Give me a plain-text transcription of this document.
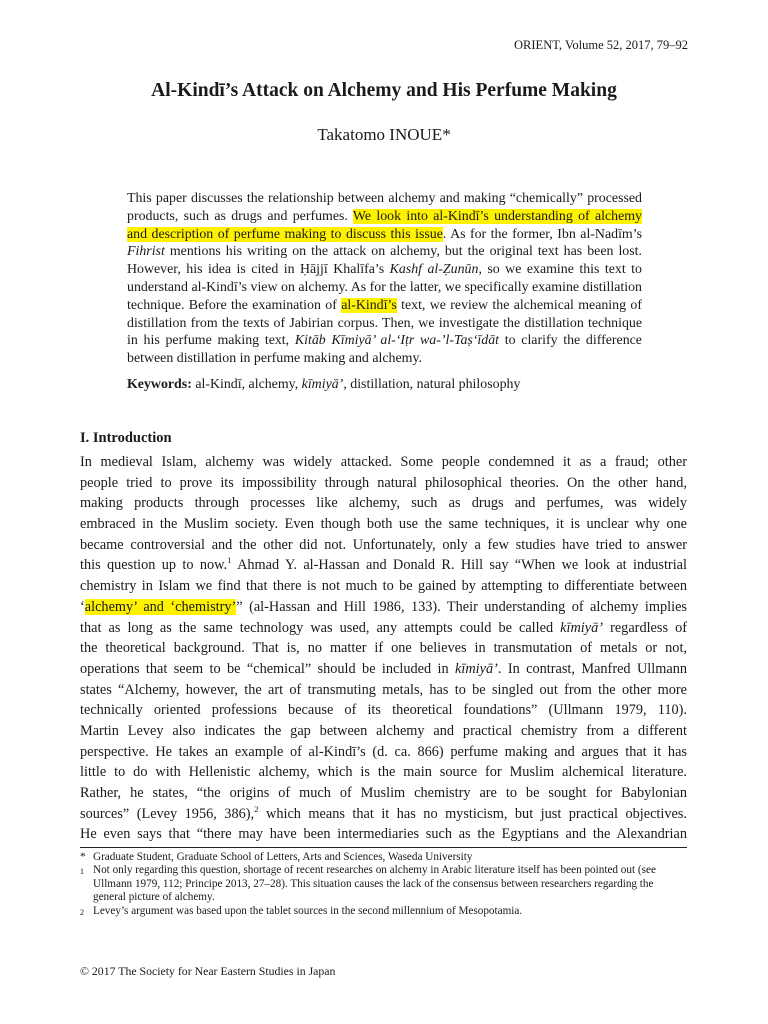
ORIENT, Volume 52, 2017, 79–92
Al-Kindī’s Attack on Alchemy and His Perfume Making
Takatomo INOUE*
This paper discusses the relationship between alchemy and making “chemically” processed products, such as drugs and perfumes. We look into al-Kindī’s understanding of alchemy and description of perfume making to discuss this issue. As for the former, Ibn al-Nadīm’s Fihrist mentions his writing on the attack on alchemy, but the original text has been lost. However, his idea is cited in Ḥājjī Khalīfa’s Kashf al-Ẓunūn, so we examine this text to understand al-Kindī’s view on alchemy. As for the latter, we specifically examine distillation technique. Before the examination of al-Kindī’s text, we review the alchemical meaning of distillation from the texts of Jabirian corpus. Then, we investigate the distillation technique in his perfume making text, Kitāb Kīmiyā’ al-‘Iṭr wa-’l-Taṣ‘īdāt to clarify the difference between distillation in perfume making and alchemy.
Keywords: al-Kindī, alchemy, kīmiyā’, distillation, natural philosophy
I. Introduction
In medieval Islam, alchemy was widely attacked. Some people condemned it as a fraud; other
people tried to prove its impossibility through natural philosophical theories. On the other hand,
making products through processes like alchemy, such as drugs and perfumes, was widely
embraced in the Muslim society. Even though both use the same techniques, it is unclear why one
became controversial and the other did not. Unfortunately, only a few studies have tried to answer
this question up to now.$^1$ Ahmad Y. al-Hassan and Donald R. Hill say “When we look at industrial
chemistry in Islam we find that there is not much to be gained by attempting to differentiate between
‘alchemy’ and ‘chemistry’” (al-Hassan and Hill 1986, 133). Their understanding of alchemy implies
that as long as the same technology was used, any attempts could be called kīmiyā’ regardless of
the theoretical background. That is, no matter if one believes in transmutation of metals or not,
operations that seem to be “chemical” should be included in kīmiyā’. In contrast, Manfred Ullmann
states “Alchemy, however, the art of transmuting metals, has to be singled out from the other more
technically oriented professions because of its theoretical foundations” (Ullmann 1979, 110).
Martin Levey also indicates the gap between alchemy and practical chemistry from a different
perspective. He takes an example of al-Kindī’s (d. ca. 866) perfume making and argues that it has
little to do with Hellenistic alchemy, which is the main source for Muslim alchemical literature.
Rather, he states, “the origins of much of Muslim chemistry are to be sought for Babylonian
sources” (Levey 1956, 386),$^2$ which means that it has no mysticism, but just practical objectives.
He even says that “there may have been intermediaries such as the Egyptians and the Alexandrian
* Graduate Student, Graduate School of Letters, Arts and Sciences, Waseda University
1 Not only regarding this question, shortage of recent researches on alchemy in Arabic literature itself has been pointed out (see Ullmann 1979, 112; Principe 2013, 27–28). This situation causes the lack of the consensus between researchers regarding the general picture of alchemy.
2 Levey’s argument was based upon the tablet sources in the second millennium of Mesopotamia.
© 2017 The Society for Near Eastern Studies in Japan
